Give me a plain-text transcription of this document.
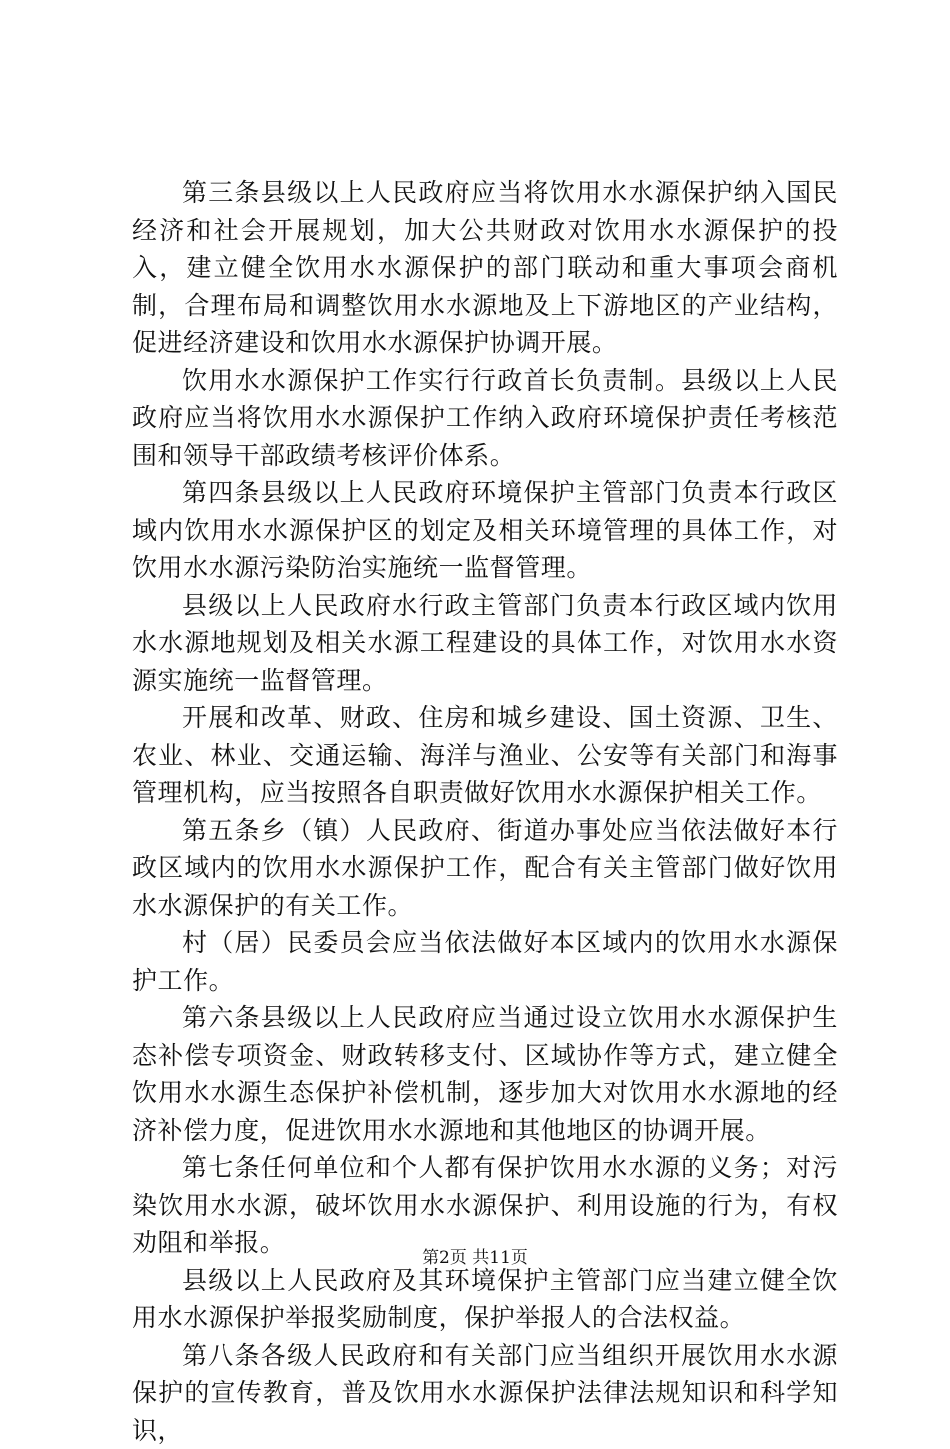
第三条县级以上人民政府应当将饮用水水源保护纳入国民经济和社会开展规划，加大公共财政对饮用水水源保护的投入，建立健全饮用水水源保护的部门联动和重大事项会商机制，合理布局和调整饮用水水源地及上下游地区的产业结构，促进经济建设和饮用水水源保护协调开展。

饮用水水源保护工作实行行政首长负责制。县级以上人民政府应当将饮用水水源保护工作纳入政府环境保护责任考核范围和领导干部政绩考核评价体系。

第四条县级以上人民政府环境保护主管部门负责本行政区域内饮用水水源保护区的划定及相关环境管理的具体工作，对饮用水水源污染防治实施统一监督管理。

县级以上人民政府水行政主管部门负责本行政区域内饮用水水源地规划及相关水源工程建设的具体工作，对饮用水水资源实施统一监督管理。

开展和改革、财政、住房和城乡建设、国土资源、卫生、农业、林业、交通运输、海洋与渔业、公安等有关部门和海事管理机构，应当按照各自职责做好饮用水水源保护相关工作。

第五条乡（镇）人民政府、街道办事处应当依法做好本行政区域内的饮用水水源保护工作，配合有关主管部门做好饮用水水源保护的有关工作。

村（居）民委员会应当依法做好本区域内的饮用水水源保护工作。

第六条县级以上人民政府应当通过设立饮用水水源保护生态补偿专项资金、财政转移支付、区域协作等方式，建立健全饮用水水源生态保护补偿机制，逐步加大对饮用水水源地的经济补偿力度，促进饮用水水源地和其他地区的协调开展。

第七条任何单位和个人都有保护饮用水水源的义务；对污染饮用水水源，破坏饮用水水源保护、利用设施的行为，有权劝阻和举报。

县级以上人民政府及其环境保护主管部门应当建立健全饮用水水源保护举报奖励制度，保护举报人的合法权益。

第八条各级人民政府和有关部门应当组织开展饮用水水源保护的宣传教育，普及饮用水水源保护法律法规知识和科学知识，

第2页 共11页
